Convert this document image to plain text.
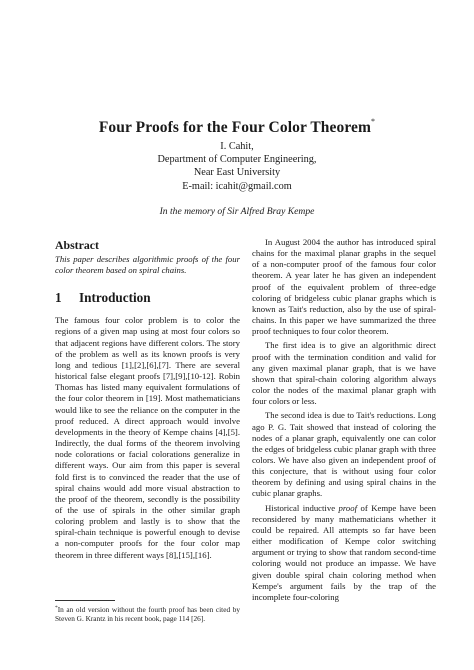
Four Proofs for the Four Color Theorem*
I. Cahit,
Department of Computer Engineering,
Near East University
E-mail: icahit@gmail.com
In the memory of Sir Alfred Bray Kempe
Abstract

This paper describes algorithmic proofs of the four color theorem based on spiral chains.

1 Introduction

The famous four color problem is to color the regions of a given map using at most four colors so that adjacent regions have different colors. The story of the problem as well as its known proofs is very long and tedious [1],[2],[6],[7]. There are several historical false elegant proofs [7],[9],[10-12]. Robin Thomas has listed many equivalent formulations of the four color theorem in [19]. Most mathematicians would like to see the reliance on the computer in the proof reduced. A direct approach would involve developments in the theory of Kempe chains [4],[5]. Indirectly, the dual forms of the theorem involving node colorations or facial colorations generalize in different ways. Our aim from this paper is several fold first is to convinced the reader that the use of spiral chains would add more visual abstraction to the proof of the theorem, secondly is the possibility of the use of spirals in the other similar graph coloring problem and lastly is to show that the spiral-chain technique is powerful enough to devise a non-computer proofs for the four color map theorem in three different ways [8],[15],[16].

In August 2004 the author has introduced spiral chains for the maximal planar graphs in the sequel of a non-computer proof of the famous four color theorem. A year later he has given an independent proof of the equivalent problem of three-edge coloring of bridgeless cubic planar graphs which is known as Tait's reduction, also by the use of spiral-chains. In this paper we have summarized the three proof techniques to four color theorem.

The first idea is to give an algorithmic direct proof with the termination condition and valid for any given maximal planar graph, that is we have shown that spiral-chain coloring algorithm always color the nodes of the maximal planar graph with four colors or less.

The second idea is due to Tait's reductions. Long ago P. G. Tait showed that instead of coloring the nodes of a planar graph, equivalently one can color the edges of bridgeless cubic planar graph with three colors. We have also given an independent proof of this conjecture, that is without using four color theorem by defining and using spiral chains in the cubic planar graphs.

Historical inductive proof of Kempe have been reconsidered by many mathematicians whether it could be repaired. All attempts so far have been either modification of Kempe color switching argument or trying to show that random second-time coloring would not produce an impasse. We have given double spiral chain coloring method when Kempe's argument fails by the trap of the incomplete four-coloring

*In an old version without the fourth proof has been cited by Steven G. Krantz in his recent book, page 114 [26].
